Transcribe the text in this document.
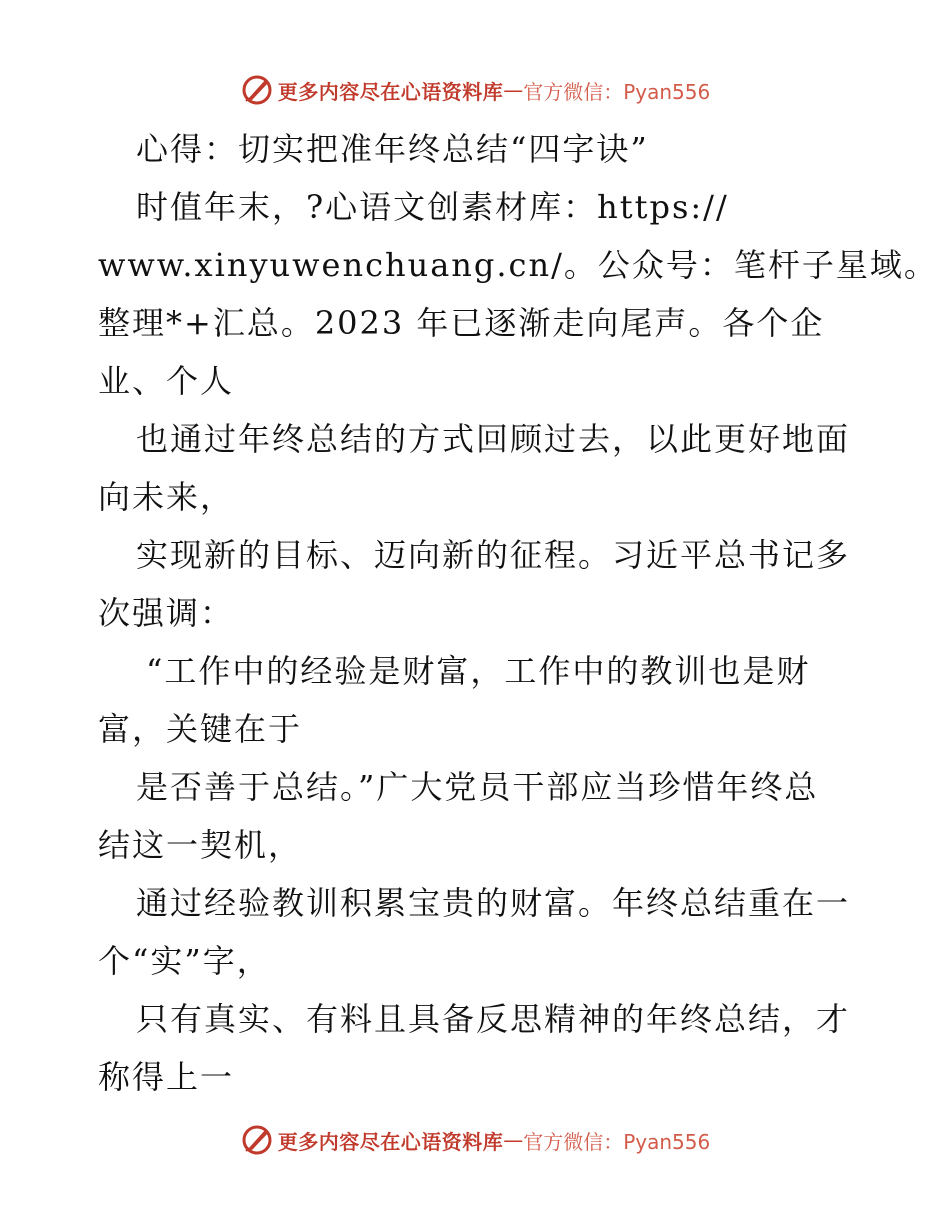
更多内容尽在心语资料库 — 官方微信：Pyan556
心得：切实把准年终总结“四字诀”
时值年末，?心语文创素材库：https://
www.xinyuwenchuang.cn/。公众号：笔杆子星域。
整理*+汇总。2023 年已逐渐走向尾声。各个企
业、个人
也通过年终总结的方式回顾过去，以此更好地面
向未来，
实现新的目标、迈向新的征程。习近平总书记多
次强调：
“工作中的经验是财富，工作中的教训也是财
富，关键在于
是否善于总结。”广大党员干部应当珍惜年终总
结这一契机，
通过经验教训积累宝贵的财富。年终总结重在一
个“实”字，
只有真实、有料且具备反思精神的年终总结，才
称得上一
更多内容尽在心语资料库 — 官方微信：Pyan556
